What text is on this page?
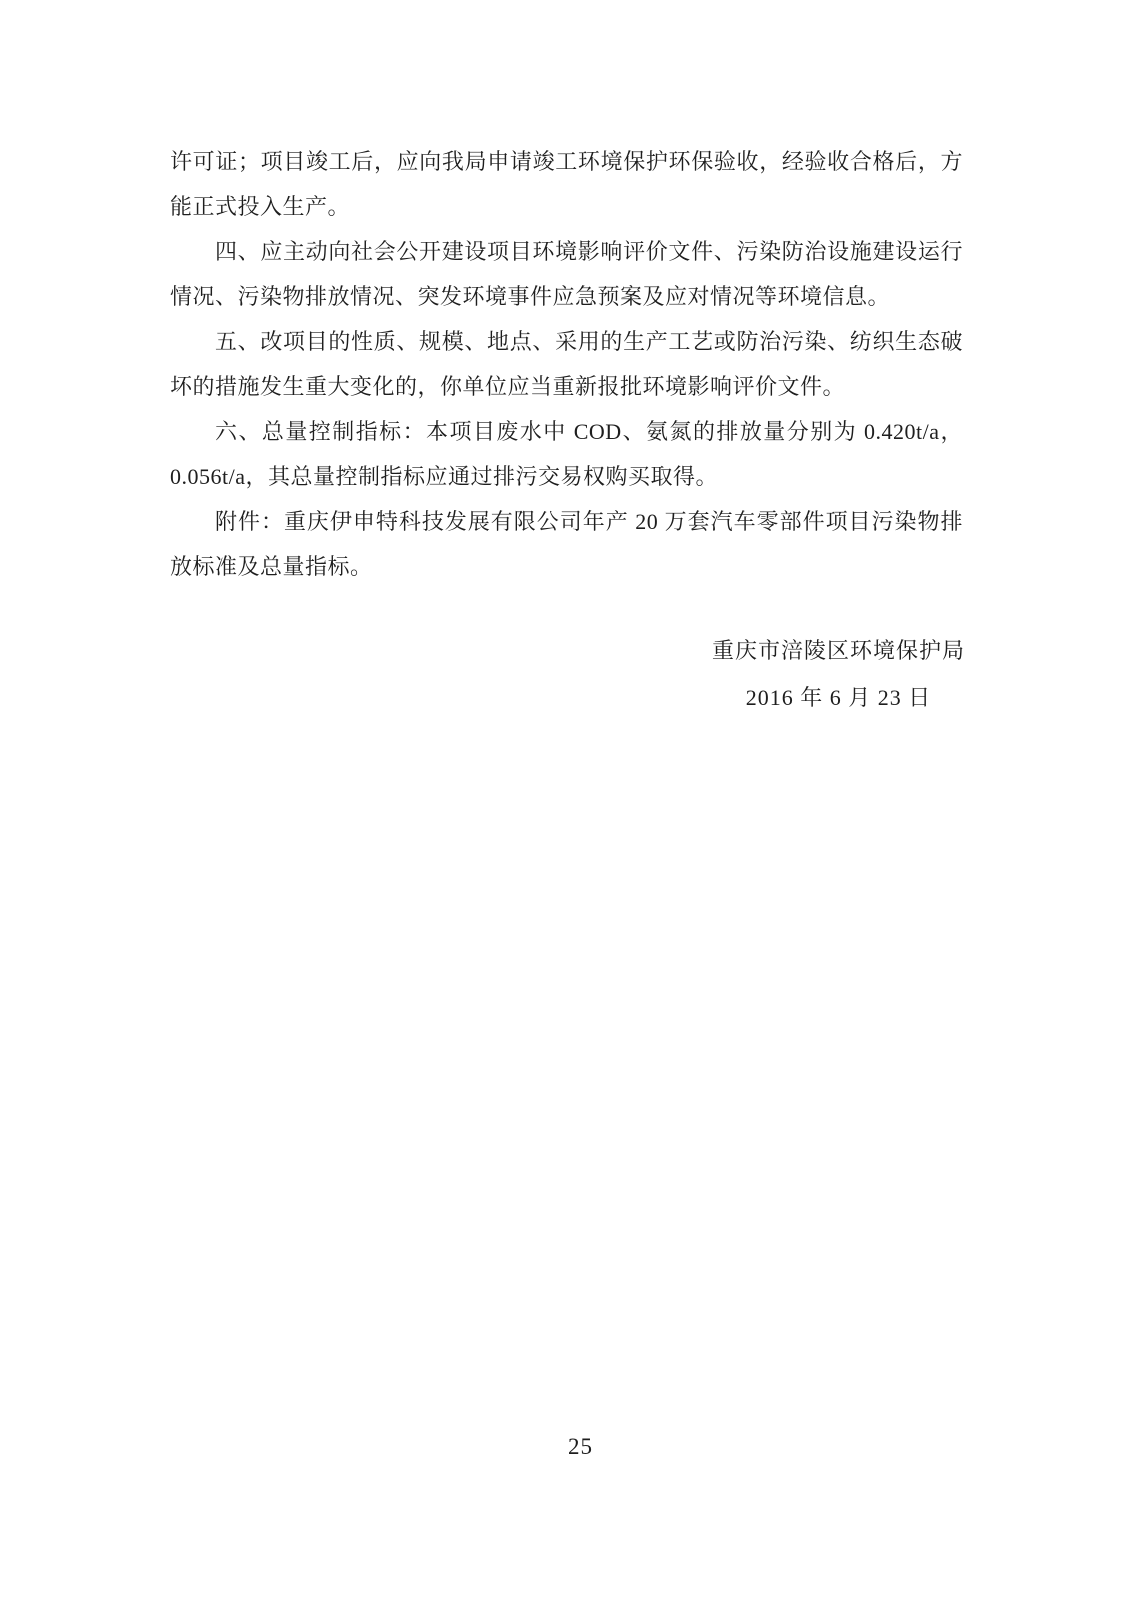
许可证；项目竣工后，应向我局申请竣工环境保护环保验收，经验收合格后，方
能正式投入生产。
四、应主动向社会公开建设项目环境影响评价文件、污染防治设施建设运行
情况、污染物排放情况、突发环境事件应急预案及应对情况等环境信息。
五、改项目的性质、规模、地点、采用的生产工艺或防治污染、纺织生态破
坏的措施发生重大变化的，你单位应当重新报批环境影响评价文件。
六、总量控制指标：本项目废水中 COD、氨氮的排放量分别为 0.420t/a，
0.056t/a，其总量控制指标应通过排污交易权购买取得。
附件：重庆伊申特科技发展有限公司年产 20 万套汽车零部件项目污染物排
放标准及总量指标。
重庆市涪陵区环境保护局
2016 年 6 月 23 日
25
